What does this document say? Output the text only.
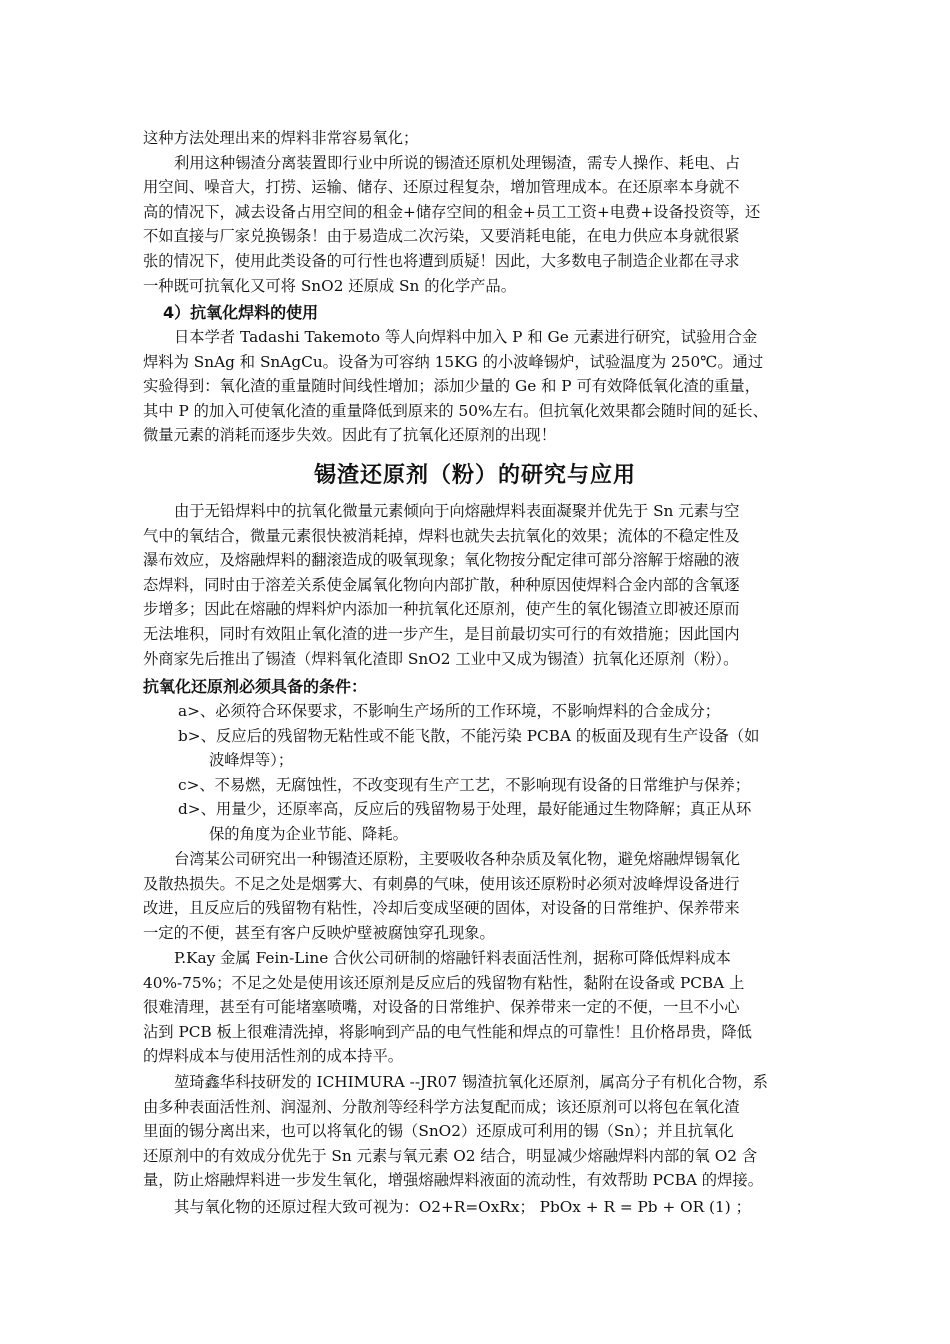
这种方法处理出来的焊料非常容易氧化；
利用这种锡渣分离装置即行业中所说的锡渣还原机处理锡渣，需专人操作、耗电、占
用空间、噪音大，打捞、运输、储存、还原过程复杂，增加管理成本。在还原率本身就不
高的情况下，减去设备占用空间的租金+储存空间的租金+员工工资+电费+设备投资等，还
不如直接与厂家兑换锡条！由于易造成二次污染，又要消耗电能，在电力供应本身就很紧
张的情况下，使用此类设备的可行性也将遭到质疑！因此，大多数电子制造企业都在寻求
一种既可抗氧化又可将 SnO2 还原成 Sn 的化学产品。

4）抗氧化焊料的使用

日本学者 Tadashi Takemoto 等人向焊料中加入 P 和 Ge 元素进行研究，试验用合金
焊料为 SnAg 和 SnAgCu。设备为可容纳 15KG 的小波峰锡炉，试验温度为 250℃。通过
实验得到：氧化渣的重量随时间线性增加；添加少量的 Ge 和 P 可有效降低氧化渣的重量，
其中 P 的加入可使氧化渣的重量降低到原来的 50%左右。但抗氧化效果都会随时间的延长、
微量元素的消耗而逐步失效。因此有了抗氧化还原剂的出现！

锡渣还原剂（粉）的研究与应用

由于无铅焊料中的抗氧化微量元素倾向于向熔融焊料表面凝聚并优先于 Sn 元素与空
气中的氧结合，微量元素很快被消耗掉，焊料也就失去抗氧化的效果；流体的不稳定性及
瀑布效应，及熔融焊料的翻滚造成的吸氧现象；氧化物按分配定律可部分溶解于熔融的液
态焊料，同时由于溶差关系使金属氧化物向内部扩散，种种原因使焊料合金内部的含氧逐
步增多；因此在熔融的焊料炉内添加一种抗氧化还原剂，使产生的氧化锡渣立即被还原而
无法堆积，同时有效阻止氧化渣的进一步产生，是目前最切实可行的有效措施；因此国内
外商家先后推出了锡渣（焊料氧化渣即 SnO2 工业中又成为锡渣）抗氧化还原剂（粉）。

抗氧化还原剂必须具备的条件：

a>、必须符合环保要求，不影响生产场所的工作环境，不影响焊料的合金成分；
b>、反应后的残留物无粘性或不能飞散，不能污染 PCBA 的板面及现有生产设备（如
波峰焊等）；
c>、不易燃，无腐蚀性，不改变现有生产工艺，不影响现有设备的日常维护与保养；
d>、用量少，还原率高，反应后的残留物易于处理，最好能通过生物降解；真正从环
保的角度为企业节能、降耗。
台湾某公司研究出一种锡渣还原粉，主要吸收各种杂质及氧化物，避免熔融焊锡氧化
及散热损失。不足之处是烟雾大、有刺鼻的气味，使用该还原粉时必须对波峰焊设备进行
改进，且反应后的残留物有粘性，冷却后变成坚硬的固体，对设备的日常维护、保养带来
一定的不便，甚至有客户反映炉壁被腐蚀穿孔现象。
P.Kay 金属 Fein-Line 合伙公司研制的熔融钎料表面活性剂，据称可降低焊料成本
40%-75%；不足之处是使用该还原剂是反应后的残留物有粘性，黏附在设备或 PCBA 上
很难清理，甚至有可能堵塞喷嘴，对设备的日常维护、保养带来一定的不便，一旦不小心
沾到 PCB 板上很难清洗掉，将影响到产品的电气性能和焊点的可靠性！且价格昂贵，降低
的焊料成本与使用活性剂的成本持平。
堃琦鑫华科技研发的 ICHIMURA --JR07 锡渣抗氧化还原剂，属高分子有机化合物，系
由多种表面活性剂、润湿剂、分散剂等经科学方法复配而成；该还原剂可以将包在氧化渣
里面的锡分离出来，也可以将氧化的锡（SnO2）还原成可利用的锡（Sn）；并且抗氧化
还原剂中的有效成分优先于 Sn 元素与氧元素 O2 结合，明显减少熔融焊料内部的氧 O2 含
量，防止熔融焊料进一步发生氧化，增强熔融焊料液面的流动性，有效帮助 PCBA 的焊接。
其与氧化物的还原过程大致可视为：O2+R=OxRx； PbOx + R = Pb + OR (1) ；
